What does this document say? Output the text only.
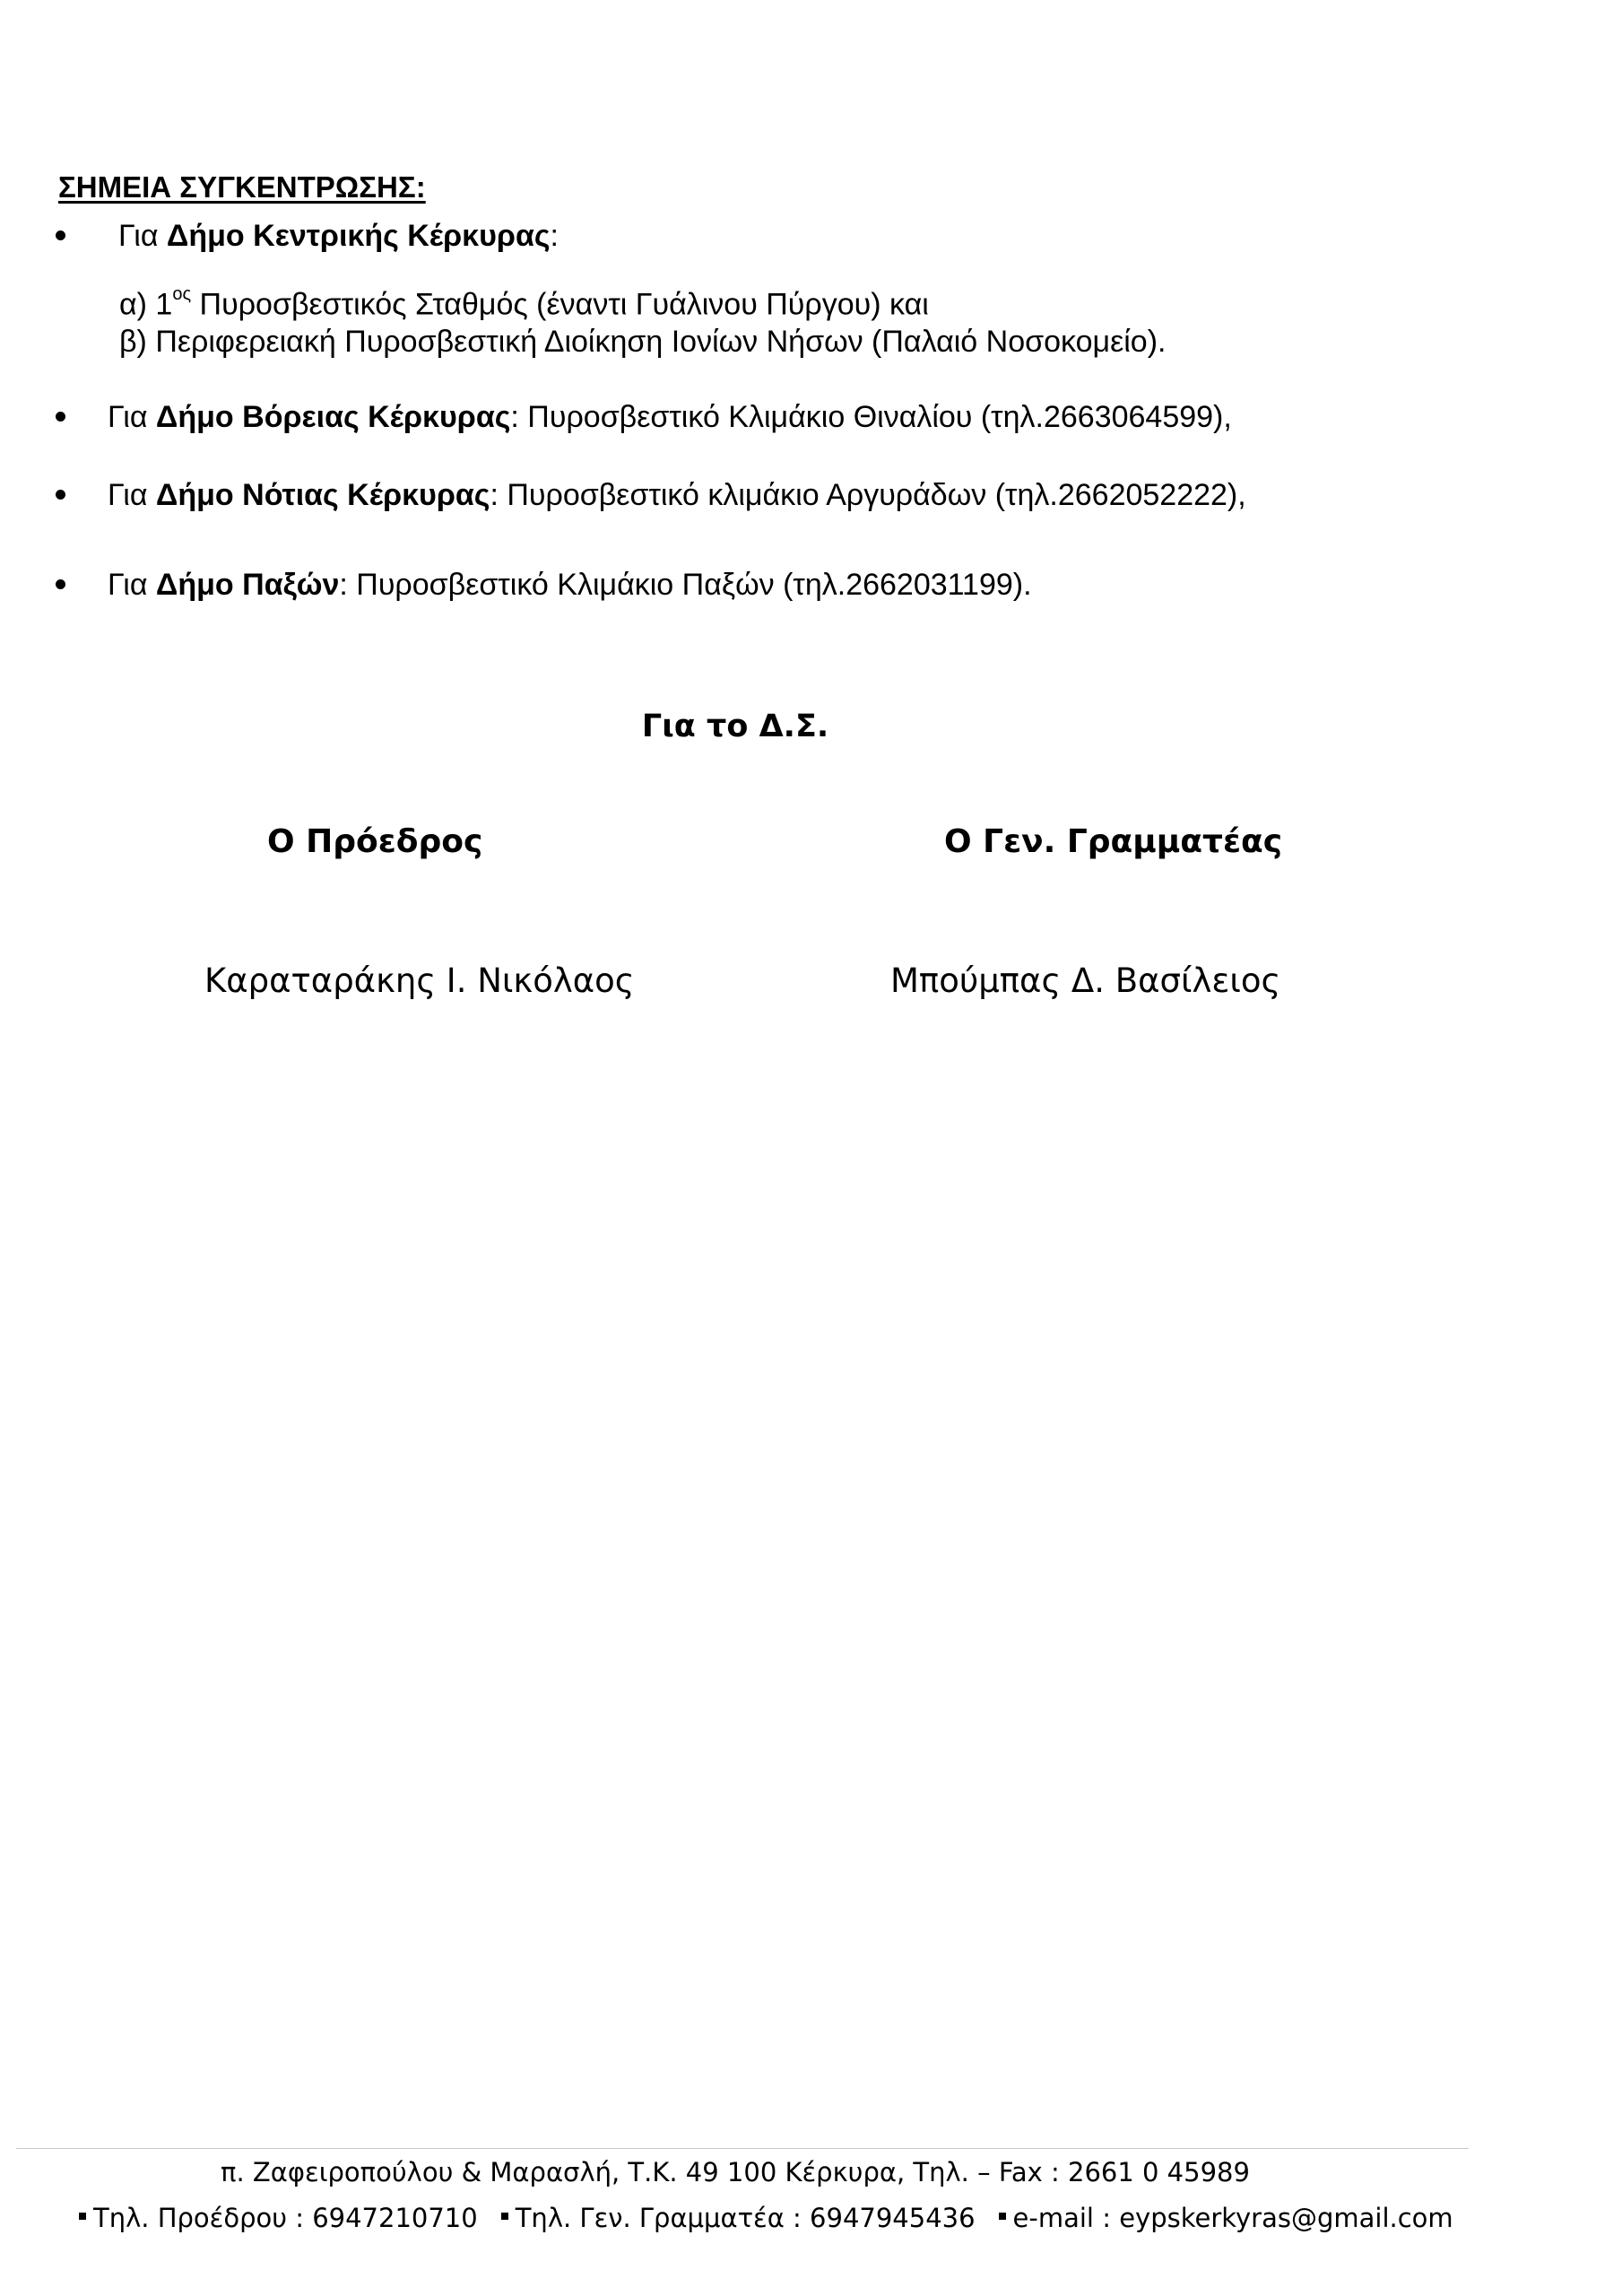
ΣΗΜΕΙΑ ΣΥΓΚΕΝΤΡΩΣΗΣ:
Για Δήμο Κεντρικής Κέρκυρας:
α) $1^{o\varsigma}$ Πυροσβεστικός Σταθμός (έναντι Γυάλινου Πύργου) και
β) Περιφερειακή Πυροσβεστική Διοίκηση Ιονίων Νήσων (Παλαιό Νοσοκομείο).
Για Δήμο Βόρειας Κέρκυρας: Πυροσβεστικό Κλιμάκιο Θιναλίου (τηλ.2663064599),
Για Δήμο Νότιας Κέρκυρας: Πυροσβεστικό κλιμάκιο Αργυράδων (τηλ.2662052222),
Για Δήμο Παξών: Πυροσβεστικό Κλιμάκιο Παξών (τηλ.2662031199).
Για το Δ.Σ.
Ο Πρόεδρος	Ο Γεν. Γραμματέας
Καραταράκης Ι. Νικόλαος	Μπούμπας Δ. Βασίλειος
π. Ζαφειροπούλου & Μαρασλή, Τ.Κ. 49 100 Κέρκυρα, Τηλ. – Fax : 2661 0 45989
Τηλ. Προέδρου : 6947210710 Τηλ. Γεν. Γραμματέα : 6947945436 e-mail : eypskerkyras@gmail.com
